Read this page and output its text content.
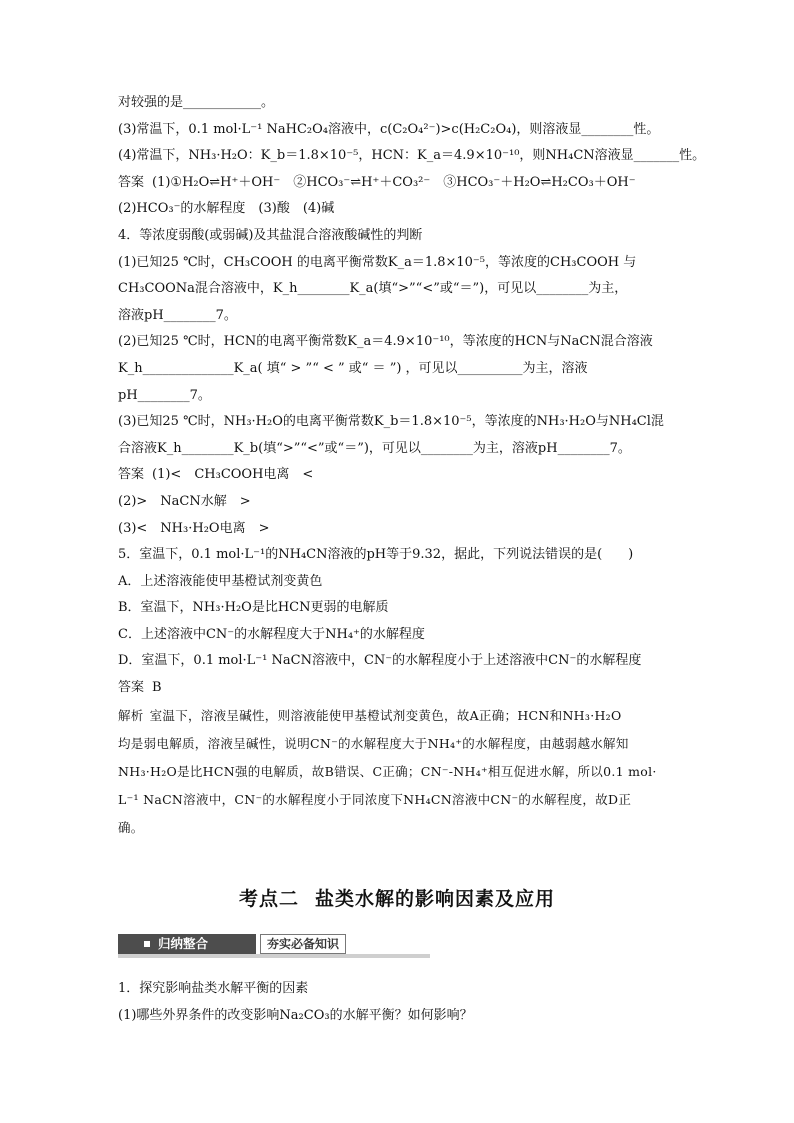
对较强的是____________。
(3)常温下，0.1 mol·L⁻¹ NaHC₂O₄溶液中，c(C₂O₄²⁻)>c(H₂C₂O₄)，则溶液显________性。
(4)常温下，NH₃·H₂O：K_b＝1.8×10⁻⁵，HCN：K_a＝4.9×10⁻¹⁰，则NH₄CN溶液显_______性。
答案 (1)①H₂O⇌H⁺＋OH⁻　②HCO₃⁻⇌H⁺＋CO₃²⁻　③HCO₃⁻＋H₂O⇌H₂CO₃＋OH⁻
(2)HCO₃⁻的水解程度　(3)酸　(4)碱
4．等浓度弱酸(或弱碱)及其盐混合溶液酸碱性的判断
(1)已知25 ℃时，CH₃COOH 的电离平衡常数K_a＝1.8×10⁻⁵，等浓度的CH₃COOH 与
CH₃COONa混合溶液中，K_h________K_a(填“>”“<”或“＝”)，可见以________为主，
溶液pH________7。
(2)已知25 ℃时，HCN的电离平衡常数K_a＝4.9×10⁻¹⁰，等浓度的HCN与NaCN混合溶液
K_h______________K_a( 填“ > ”“ < ” 或“ ＝ ”) ，可见以__________为主，溶液
pH________7。
(3)已知25 ℃时，NH₃·H₂O的电离平衡常数K_b＝1.8×10⁻⁵，等浓度的NH₃·H₂O与NH₄Cl混
合溶液K_h________K_b(填“>”“<”或“＝”)，可见以________为主，溶液pH________7。
答案 (1)<　CH₃COOH电离　<
(2)>　NaCN水解　>
(3)<　NH₃·H₂O电离　>
5．室温下，0.1 mol·L⁻¹的NH₄CN溶液的pH等于9.32，据此，下列说法错误的是(　　)
A．上述溶液能使甲基橙试剂变黄色
B．室温下，NH₃·H₂O是比HCN更弱的电解质
C．上述溶液中CN⁻的水解程度大于NH₄⁺的水解程度
D．室温下，0.1 mol·L⁻¹ NaCN溶液中，CN⁻的水解程度小于上述溶液中CN⁻的水解程度
答案 B
解析 室温下，溶液呈碱性，则溶液能使甲基橙试剂变黄色，故A正确；HCN和NH₃·H₂O
均是弱电解质，溶液呈碱性，说明CN⁻的水解程度大于NH₄⁺的水解程度，由越弱越水解知
NH₃·H₂O是比HCN强的电解质，故B错误、C正确；CN⁻-NH₄⁺相互促进水解，所以0.1 mol·
L⁻¹ NaCN溶液中，CN⁻的水解程度小于同浓度下NH₄CN溶液中CN⁻的水解程度，故D正
确。
考点二 盐类水解的影响因素及应用
归纳整合	夯实必备知识
1．探究影响盐类水解平衡的因素
(1)哪些外界条件的改变影响Na₂CO₃的水解平衡？如何影响？
